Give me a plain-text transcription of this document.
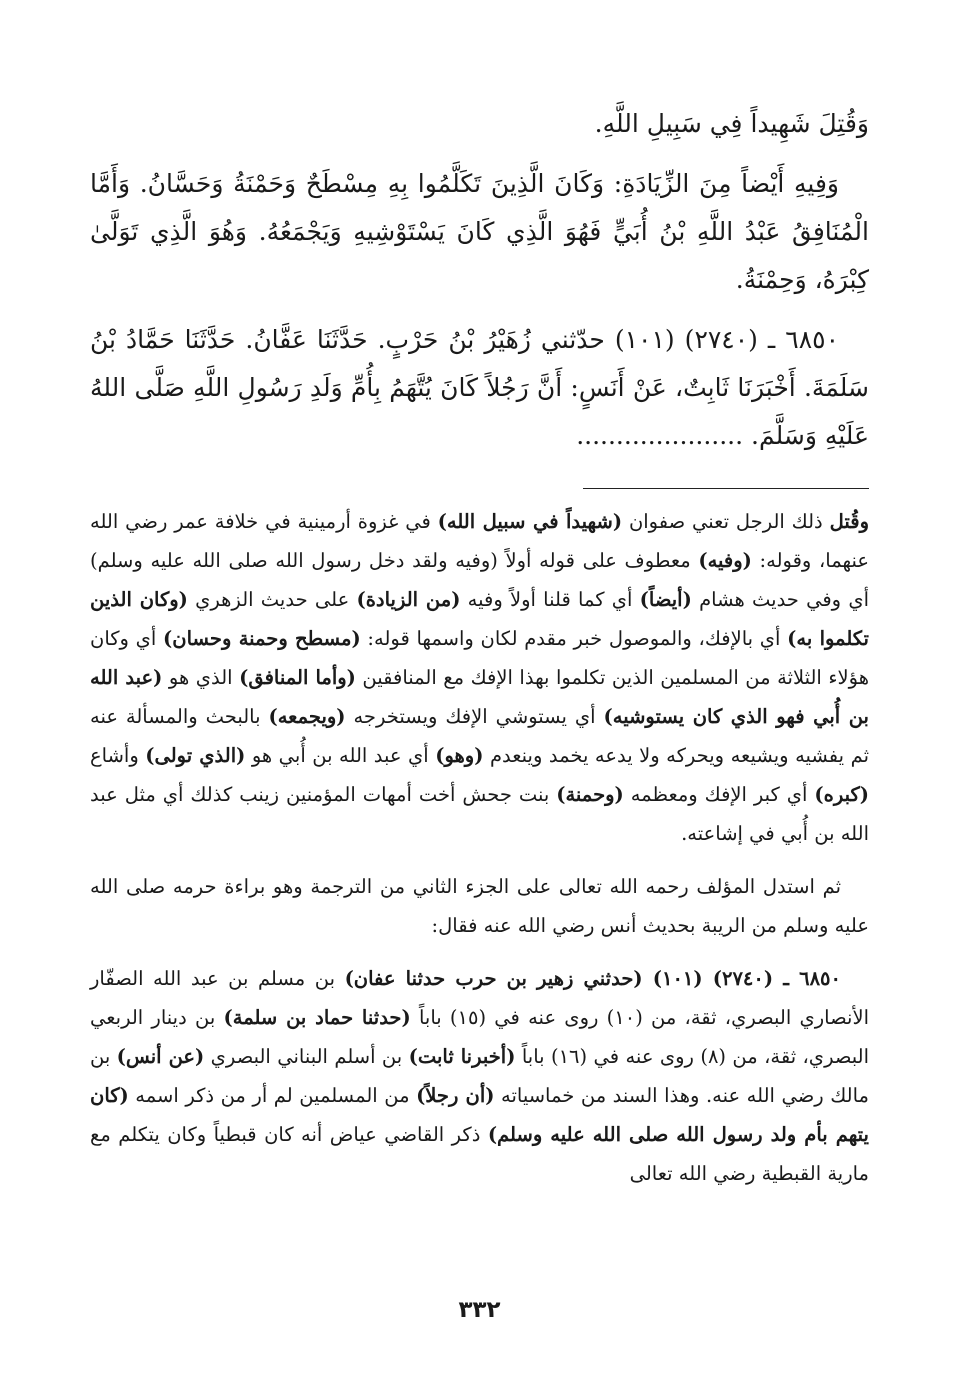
وَقُتِلَ شَهِيداً فِي سَبِيلِ اللَّهِ.

وَفِيهِ أَيْضاً مِنَ الزِّيَادَةِ: وَكَانَ الَّذِينَ تَكَلَّمُوا بِهِ مِسْطَحٌ وَحَمْنَةُ وَحَسَّانُ. وَأَمَّا الْمُنَافِقُ عَبْدُ اللَّهِ بْنُ أُبَيٍّ فَهُوَ الَّذِي كَانَ يَسْتَوْشِيهِ وَيَجْمَعُهُ. وَهُوَ الَّذِي تَوَلَّىٰ كِبْرَهُ، وَحِمْنَةُ.

٦٨٥٠ ـ (٢٧٤٠) (١٠١) حدّثني زُهَيْرُ بْنُ حَرْبٍ. حَدَّثَنَا عَفَّانُ. حَدَّثَنَا حَمَّادُ بْنُ سَلَمَةَ. أَخْبَرَنَا ثَابِتٌ، عَنْ أَنَسٍ: أَنَّ رَجُلاً كَانَ يُتَّهَمُ بِأُمِّ وَلَدِ رَسُولِ اللَّهِ صَلَّى اللهُ عَلَيْهِ وَسَلَّمَ. .....................

وقُتل ذلك الرجل تعني صفوان (شهيداً في سبيل الله) في غزوة أرمينية في خلافة عمر رضي الله عنهما، وقوله: (وفيه) معطوف على قوله أولاً (وفيه ولقد دخل رسول الله صلى الله عليه وسلم) أي وفي حديث هشام (أيضاً) أي كما قلنا أولاً وفيه (من الزيادة) على حديث الزهري (وكان الذين تكلموا به) أي بالإفك، والموصول خبر مقدم لكان واسمها قوله: (مسطح وحمنة وحسان) أي وكان هؤلاء الثلاثة من المسلمين الذين تكلموا بهذا الإفك مع المنافقين (وأما المنافق) الذي هو (عبد الله بن أُبي فهو الذي كان يستوشيه) أي يستوشي الإفك ويستخرجه (ويجمعه) بالبحث والمسألة عنه ثم يفشيه ويشيعه ويحركه ولا يدعه يخمد وينعدم (وهو) أي عبد الله بن أُبي هو (الذي تولى) وأشاع (كبره) أي كبر الإفك ومعظمه (وحمنة) بنت جحش أخت أمهات المؤمنين زينب كذلك أي مثل عبد الله بن أُبي في إشاعته.

ثم استدل المؤلف رحمه الله تعالى على الجزء الثاني من الترجمة وهو براءة حرمه صلى الله عليه وسلم من الريبة بحديث أنس رضي الله عنه فقال:

٦٨٥٠ ـ (٢٧٤٠) (١٠١) (حدثني زهير بن حرب حدثنا عفان) بن مسلم بن عبد الله الصفّار الأنصاري البصري، ثقة، من (١٠) روى عنه في (١٥) باباً (حدثنا حماد بن سلمة) بن دينار الربعي البصري، ثقة، من (٨) روى عنه في (١٦) باباً (أخبرنا ثابت) بن أسلم البناني البصري (عن أنس) بن مالك رضي الله عنه. وهذا السند من خماسياته (أن رجلاً) من المسلمين لم أر من ذكر اسمه (كان يتهم بأم ولد رسول الله صلى الله عليه وسلم) ذكر القاضي عياض أنه كان قبطياً وكان يتكلم مع مارية القبطية رضي الله تعالى

٣٣٢
